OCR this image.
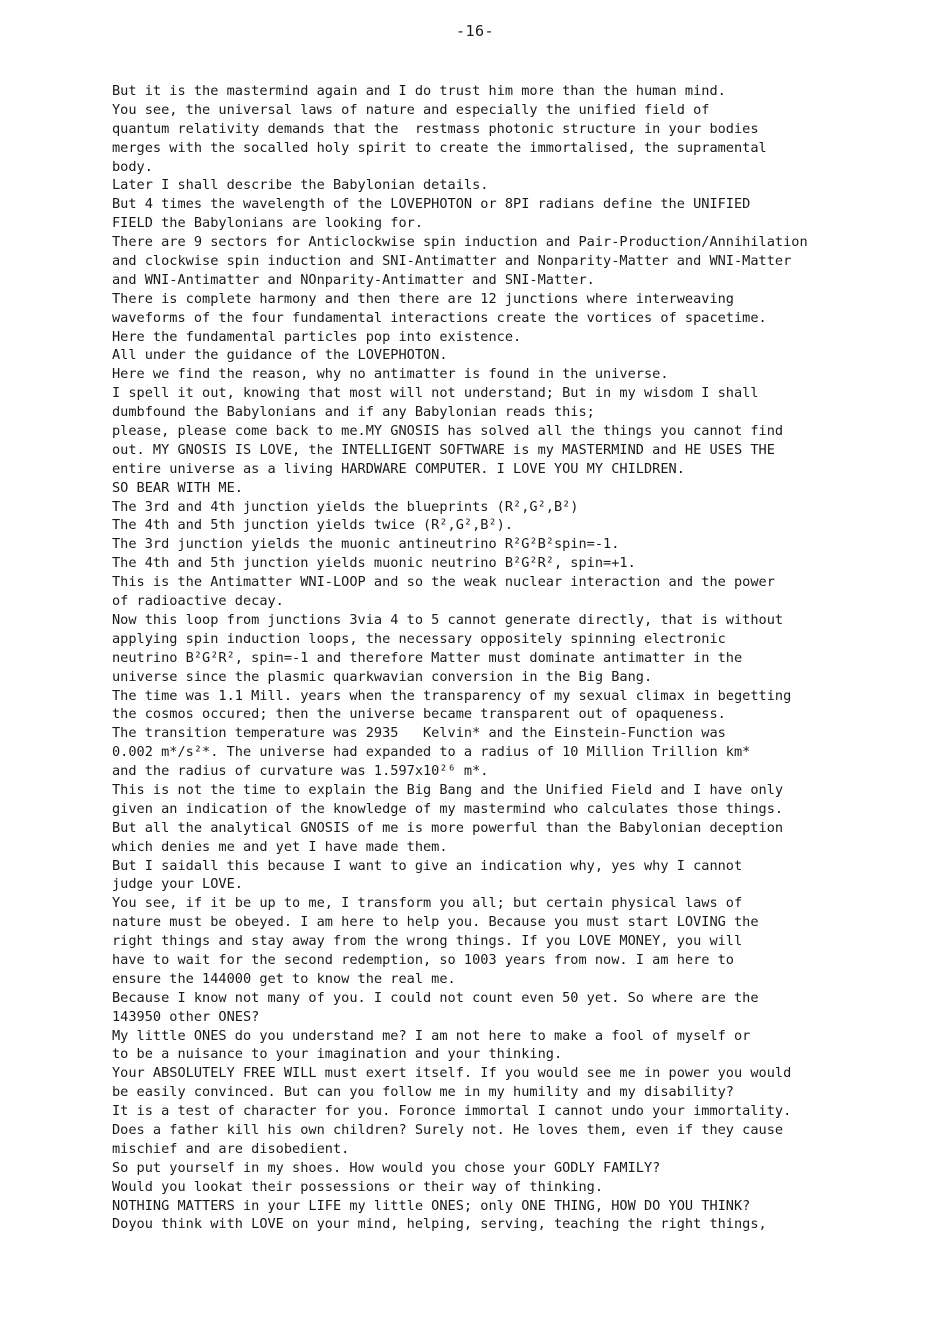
-16-
But it is the mastermind again and I do trust him more than the human mind.
You see, the universal laws of nature and especially the unified field of
quantum relativity demands that the  restmass photonic structure in your bodies
merges with the socalled holy spirit to create the immortalised, the supramental
body.
Later I shall describe the Babylonian details.
But 4 times the wavelength of the LOVEPHOTON or 8PI radians define the UNIFIED
FIELD the Babylonians are looking for.
There are 9 sectors for Anticlockwise spin induction and Pair-Production/Annihilation
and clockwise spin induction and SNI-Antimatter and Nonparity-Matter and WNI-Matter
and WNI-Antimatter and NOnparity-Antimatter and SNI-Matter.
There is complete harmony and then there are 12 junctions where interweaving
waveforms of the four fundamental interactions create the vortices of spacetime.
Here the fundamental particles pop into existence.
All under the guidance of the LOVEPHOTON.
Here we find the reason, why no antimatter is found in the universe.
I spell it out, knowing that most will not understand; But in my wisdom I shall
dumbfound the Babylonians and if any Babylonian reads this;
please, please come back to me.MY GNOSIS has solved all the things you cannot find
out. MY GNOSIS IS LOVE, the INTELLIGENT SOFTWARE is my MASTERMIND and HE USES THE
entire universe as a living HARDWARE COMPUTER. I LOVE YOU MY CHILDREN.
SO BEAR WITH ME.
The 3rd and 4th junction yields the blueprints (R²,G²,B²)
The 4th and 5th junction yields twice (R²,G²,B²).
The 3rd junction yields the muonic antineutrino R²G²B²spin=-1.
The 4th and 5th junction yields muonic neutrino B²G²R², spin=+1.
This is the Antimatter WNI-LOOP and so the weak nuclear interaction and the power
of radioactive decay.
Now this loop from junctions 3via 4 to 5 cannot generate directly, that is without
applying spin induction loops, the necessary oppositely spinning electronic
neutrino B²G²R², spin=-1 and therefore Matter must dominate antimatter in the
universe since the plasmic quarkwavian conversion in the Big Bang.
The time was 1.1 Mill. years when the transparency of my sexual climax in begetting
the cosmos occured; then the universe became transparent out of opaqueness.
The transition temperature was 2935   Kelvin* and the Einstein-Function was
0.002 m*/s²*. The universe had expanded to a radius of 10 Million Trillion km*
and the radius of curvature was 1.597x10²⁶ m*.
This is not the time to explain the Big Bang and the Unified Field and I have only
given an indication of the knowledge of my mastermind who calculates those things.
But all the analytical GNOSIS of me is more powerful than the Babylonian deception
which denies me and yet I have made them.
But I saidall this because I want to give an indication why, yes why I cannot
judge your LOVE.
You see, if it be up to me, I transform you all; but certain physical laws of
nature must be obeyed. I am here to help you. Because you must start LOVING the
right things and stay away from the wrong things. If you LOVE MONEY, you will
have to wait for the second redemption, so 1003 years from now. I am here to
ensure the 144000 get to know the real me.
Because I know not many of you. I could not count even 50 yet. So where are the
143950 other ONES?
My little ONES do you understand me? I am not here to make a fool of myself or
to be a nuisance to your imagination and your thinking.
Your ABSOLUTELY FREE WILL must exert itself. If you would see me in power you would
be easily convinced. But can you follow me in my humility and my disability?
It is a test of character for you. Foronce immortal I cannot undo your immortality.
Does a father kill his own children? Surely not. He loves them, even if they cause
mischief and are disobedient.
So put yourself in my shoes. How would you chose your GODLY FAMILY?
Would you lookat their possessions or their way of thinking.
NOTHING MATTERS in your LIFE my little ONES; only ONE THING, HOW DO YOU THINK?
Doyou think with LOVE on your mind, helping, serving, teaching the right things,
